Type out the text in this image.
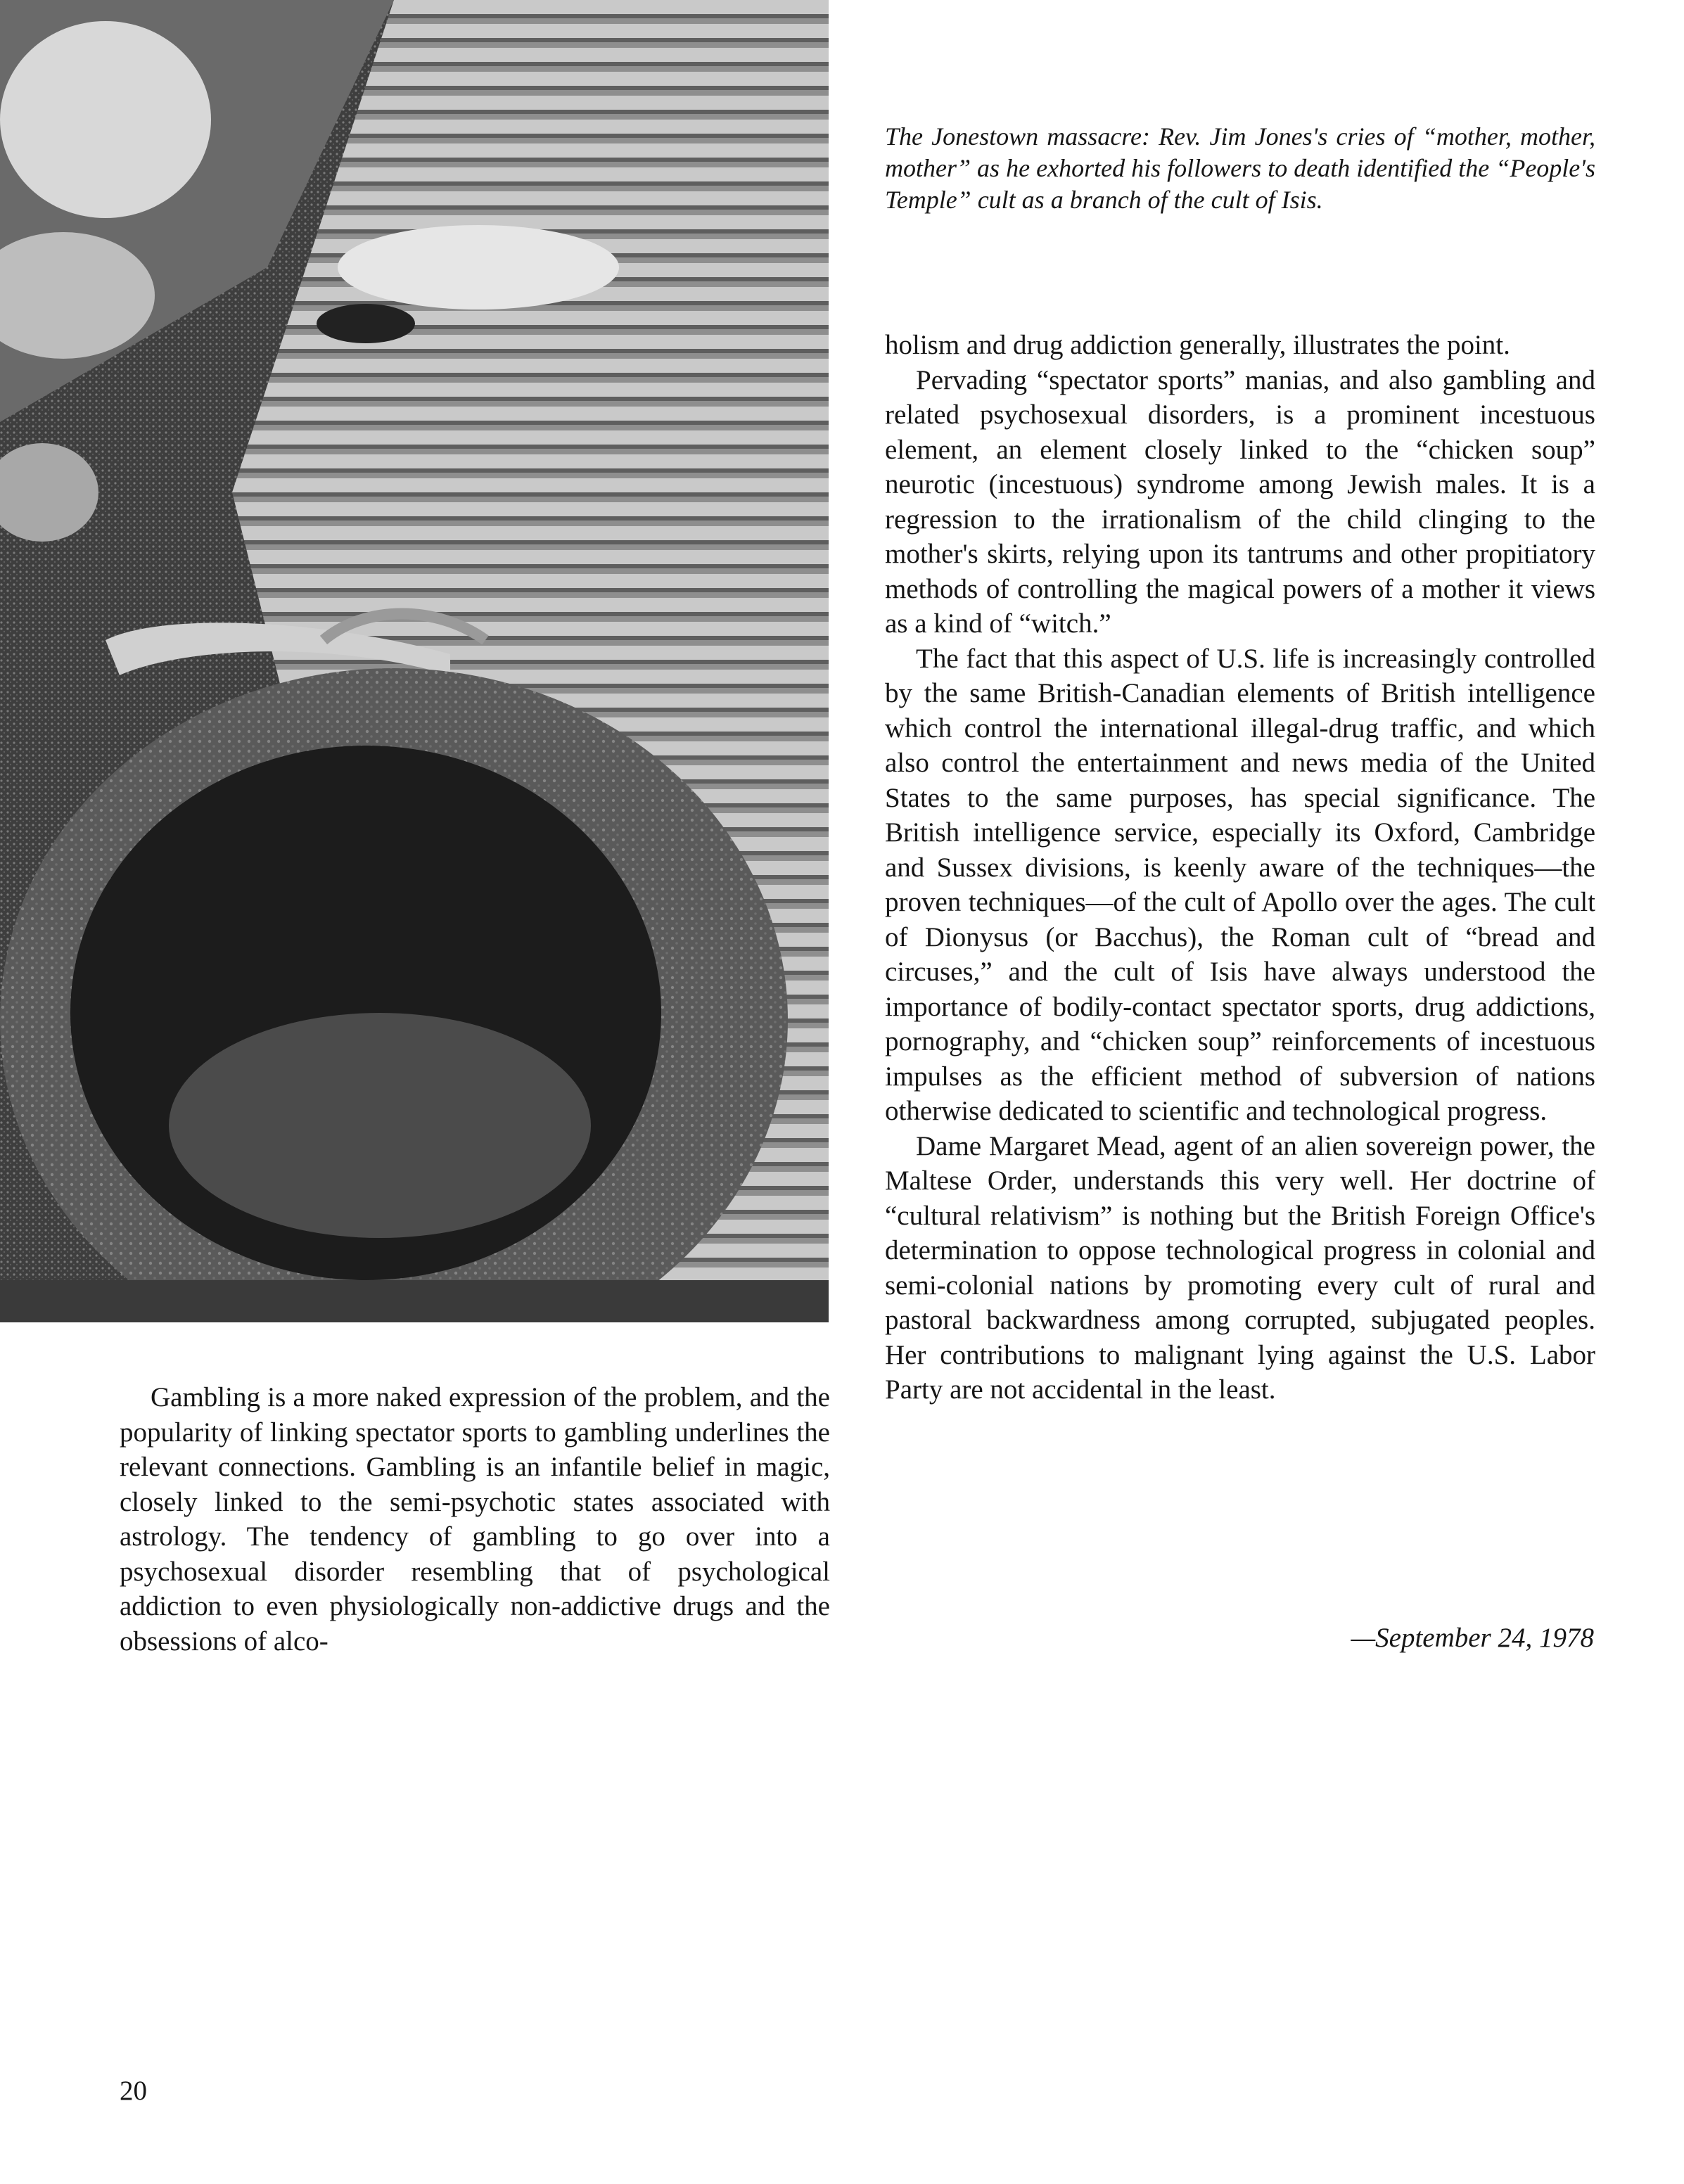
The Jonestown massacre: Rev. Jim Jones's cries of “mother, mother, mother” as he exhorted his followers to death identified the “People's Temple” cult as a branch of the cult of Isis.

holism and drug addiction generally, illustrates the point.

Pervading “spectator sports” manias, and also gambling and related psychosexual disorders, is a prominent incestuous element, an element closely linked to the “chicken soup” neurotic (incestuous) syndrome among Jewish males. It is a regression to the irrationalism of the child clinging to the mother's skirts, relying upon its tantrums and other propitiatory methods of controlling the magical powers of a mother it views as a kind of “witch.”

The fact that this aspect of U.S. life is increasingly controlled by the same British-Canadian elements of British intelligence which control the international illegal-drug traffic, and which also control the entertainment and news media of the United States to the same purposes, has special significance. The British intelligence service, especially its Oxford, Cambridge and Sussex divisions, is keenly aware of the techniques—the proven techniques—of the cult of Apollo over the ages. The cult of Dionysus (or Bacchus), the Roman cult of “bread and circuses,” and the cult of Isis have always understood the importance of bodily-contact spectator sports, drug addictions, pornography, and “chicken soup” reinforcements of incestuous impulses as the efficient method of subversion of nations otherwise dedicated to scientific and technological progress.

Dame Margaret Mead, agent of an alien sovereign power, the Maltese Order, understands this very well. Her doctrine of “cultural relativism” is nothing but the British Foreign Office's determination to oppose technological progress in colonial and semi-colonial nations by promoting every cult of rural and pastoral backwardness among corrupted, subjugated peoples. Her contributions to malignant lying against the U.S. Labor Party are not accidental in the least.

—September 24, 1978

Gambling is a more naked expression of the problem, and the popularity of linking spectator sports to gambling underlines the relevant connections. Gambling is an infantile belief in magic, closely linked to the semi-psychotic states associated with astrology. The tendency of gambling to go over into a psychosexual disorder resembling that of psychological addiction to even physiologically non-addictive drugs and the obsessions of alco-

20
